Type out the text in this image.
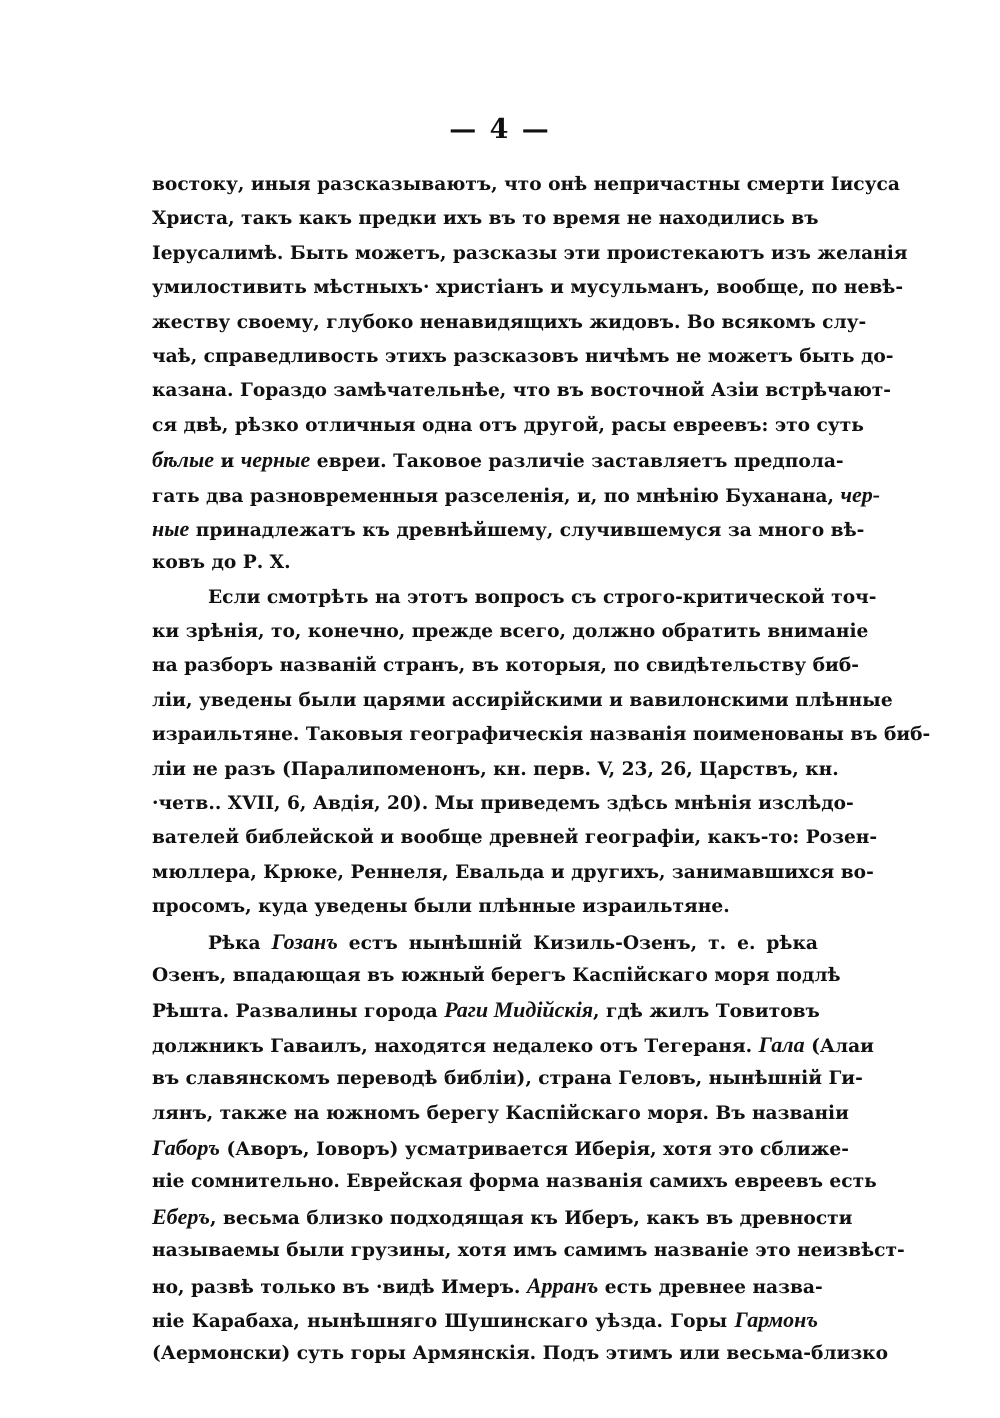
— 4 —
востоку, иныя разсказываютъ, что онѣ непричастны смерти Іисуса
Христа, такъ какъ предки ихъ въ то время не находились въ
Іерусалимѣ. Быть можетъ, разсказы эти проистекаютъ изъ желанія
умилостивить мѣстныхъ· христіанъ и мусульманъ, вообще, по невѣ-
жеству своему, глубоко ненавидящихъ жидовъ. Во всякомъ слу-
чаѣ, справедливость этихъ разсказовъ ничѣмъ не можетъ быть до-
казана. Гораздо замѣчательнѣе, что въ восточной Азіи встрѣчают-
ся двѣ, рѣзко отличныя одна отъ другой, расы евреевъ: это суть
бѣлые и черные евреи. Таковое различіе заставляетъ предпола-
гать два разновременныя разселенія, и, по мнѣнію Буханана, чер-
ные принадлежатъ къ древнѣйшему, случившемуся за много вѣ-
ковъ до Р. Х.
Если смотрѣть на этотъ вопросъ съ строго-критической точ-
ки зрѣнія, то, конечно, прежде всего, должно обратить вниманіе
на разборъ названій странъ, въ которыя, по свидѣтельству биб-
ліи, уведены были царями ассирійскими и вавилонскими плѣнные
израильтяне. Таковыя географическія названія поименованы въ биб-
ліи не разъ (Паралипоменонъ, кн. перв. V, 23, 26, Царствъ, кн.
·четв.. XVII, 6, Авдія, 20). Мы приведемъ здѣсь мнѣнія изслѣдо-
вателей библейской и вообще древней географіи, какъ-то: Розен-
мюллера, Крюке, Реннеля, Евальда и другихъ, занимавшихся во-
просомъ, куда уведены были плѣнные израильтяне.
Рѣка Гозанъ естъ нынѣшній Кизиль-Озенъ, т. е. рѣка
Озенъ, впадающая въ южный берегъ Каспійскаго моря подлѣ
Рѣшта. Развалины города Раги Мидійскія, гдѣ жилъ Товитовъ
должникъ Гаваилъ, находятся недалеко отъ Тегераня. Гала (Алаи
въ славянскомъ переводѣ библіи), страна Геловъ, нынѣшній Ги-
лянъ, также на южномъ берегу Каспійскаго моря. Въ названіи
Габоръ (Аворъ, Іоворъ) усматривается Иберія, хотя это сближе-
ніе сомнительно. Еврейская форма названія самихъ евреевъ есть
Еберъ, весьма близко подходящая къ Иберъ, какъ въ древности
называемы были грузины, хотя имъ самимъ названіе это неизвѣст-
но, развѣ только въ ·видѣ Имеръ. Арранъ есть древнее назва-
ніе Карабаха, нынѣшняго Шушинскаго уѣзда. Горы Гармонъ
(Аермонски) суть горы Армянскія. Подъ этимъ или весьма-близко
